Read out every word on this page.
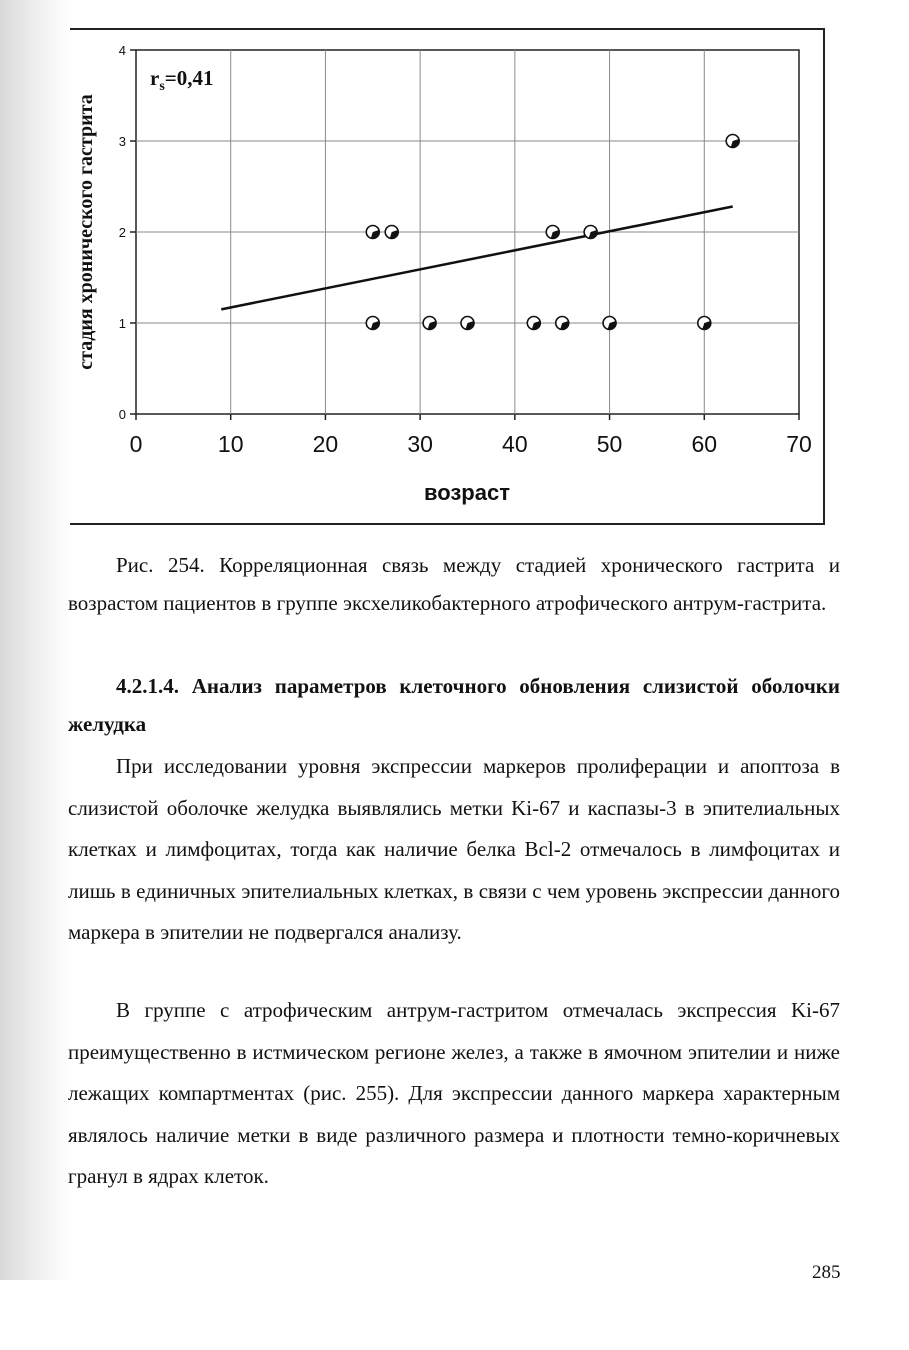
0
1
2
3
4
0	10	20	30	40	50	60	70
$r_s=0,41$
возраст
стадия хронического гастрита
Рис. 254. Корреляционная связь между стадией хронического гастрита и возрастом пациентов в группе эксхеликобактерного атрофического антрум-гастрита.
4.2.1.4. Анализ параметров клеточного обновления слизистой оболочки желудка
При исследовании уровня экспрессии маркеров пролиферации и апоптоза в слизистой оболочке желудка выявлялись метки Ki-67 и каспазы-3 в эпителиальных клетках и лимфоцитах, тогда как наличие белка Bcl-2 отмечалось в лимфоцитах и лишь в единичных эпителиальных клетках, в связи с чем уровень экспрессии данного маркера в эпителии не подвергался анализу.
В группе с атрофическим антрум-гастритом отмечалась экспрессия Ki-67 преимущественно в истмическом регионе желез, а также в ямочном эпителии и ниже лежащих компартментах (рис. 255). Для экспрессии данного маркера характерным являлось наличие метки в виде различного размера и плотности темно-коричневых гранул в ядрах клеток.
285
